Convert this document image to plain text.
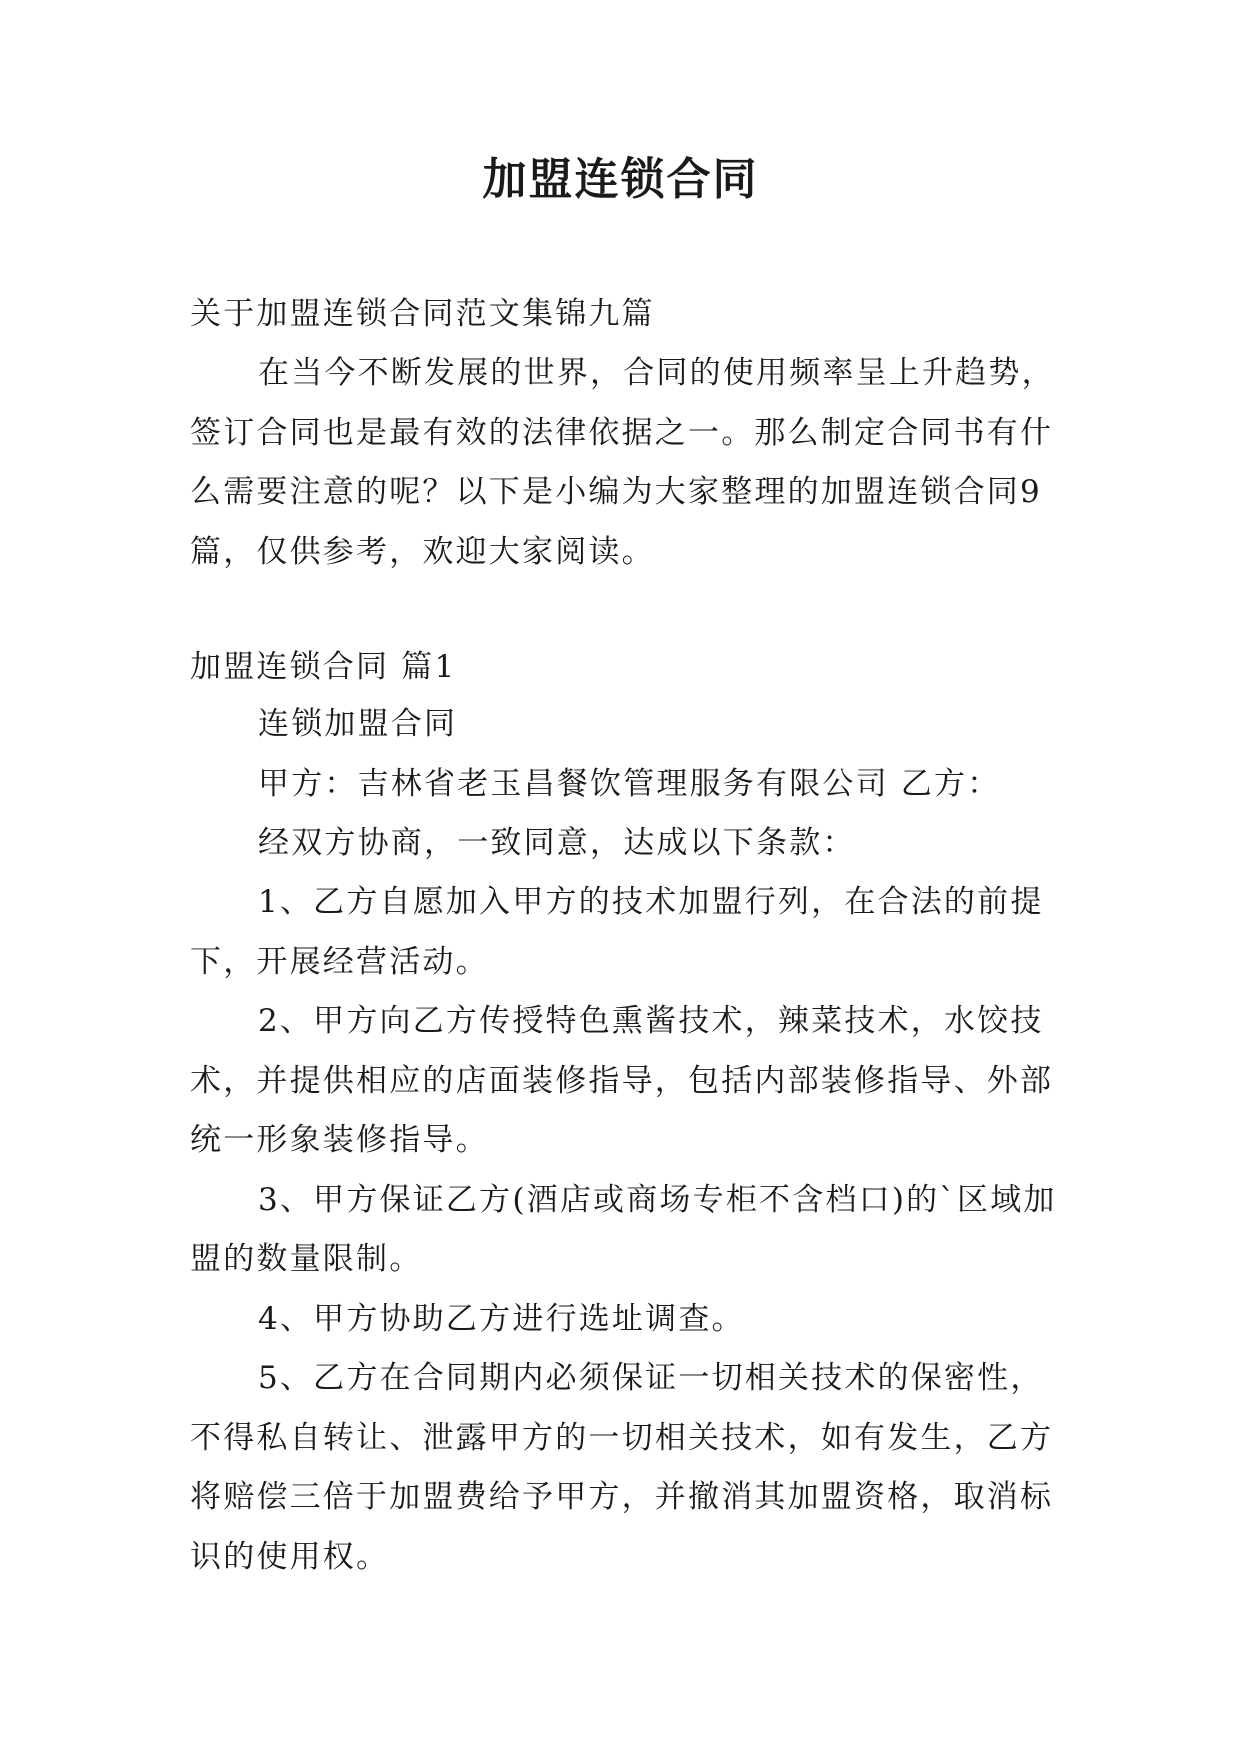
加盟连锁合同

关于加盟连锁合同范文集锦九篇

在当今不断发展的世界，合同的使用频率呈上升趋势，

签订合同也是最有效的法律依据之一。那么制定合同书有什

么需要注意的呢？以下是小编为大家整理的加盟连锁合同9

篇，仅供参考，欢迎大家阅读。

加盟连锁合同 篇1

连锁加盟合同

甲方：吉林省老玉昌餐饮管理服务有限公司 乙方：

经双方协商，一致同意，达成以下条款：

1、乙方自愿加入甲方的技术加盟行列，在合法的前提

下，开展经营活动。

2、甲方向乙方传授特色熏酱技术，辣菜技术，水饺技

术，并提供相应的店面装修指导，包括内部装修指导、外部

统一形象装修指导。

3、甲方保证乙方(酒店或商场专柜不含档口)的`区域加

盟的数量限制。

4、甲方协助乙方进行选址调查。

5、乙方在合同期内必须保证一切相关技术的保密性，

不得私自转让、泄露甲方的一切相关技术，如有发生，乙方

将赔偿三倍于加盟费给予甲方，并撤消其加盟资格，取消标

识的使用权。
